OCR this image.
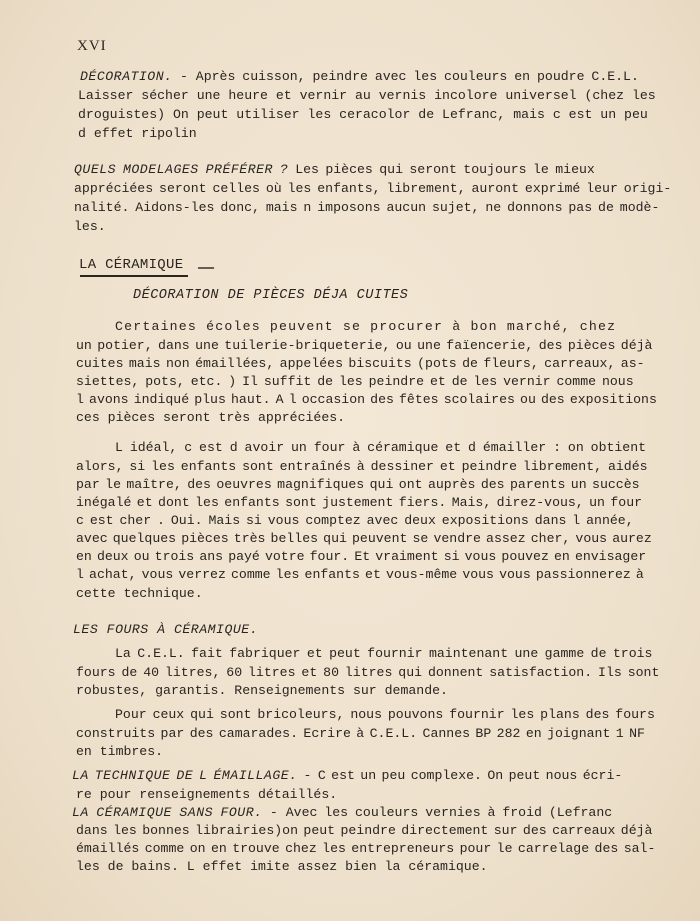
XVI
DÉCORATION. - Après cuisson, peindre avec les couleurs en poudre C.E.L.
Laisser sécher une heure et vernir au vernis incolore universel (chez les
droguistes) On peut utiliser les ceracolor de Lefranc, mais c est un peu
d effet ripolin
QUELS MODELAGES PRÉFÉRER ? Les pièces qui seront toujours le mieux
appréciées seront celles où les enfants, librement, auront exprimé leur origi-
nalité. Aidons-les donc, mais n imposons aucun sujet, ne donnons pas de modè-
les.
LA CÉRAMIQUE
DÉCORATION DE PIÈCES DÉJA CUITES
Certaines écoles peuvent se procurer à bon marché, chez
un potier, dans une tuilerie-briqueterie, ou une faïencerie, des pièces déjà
cuites mais non émaillées, appelées biscuits (pots de fleurs, carreaux, as-
siettes, pots, etc. ) Il suffit de les peindre et de les vernir comme nous
l avons indiqué plus haut. A l occasion des fêtes scolaires ou des expositions
ces pièces seront très appréciées.
L idéal, c est d avoir un four à céramique et d émailler : on obtient
alors, si les enfants sont entraînés à dessiner et peindre librement, aidés
par le maître, des oeuvres magnifiques qui ont auprès des parents un succès
inégalé et dont les enfants sont justement fiers. Mais, direz-vous, un four
c est cher . Oui. Mais si vous comptez avec deux expositions dans l année,
avec quelques pièces très belles qui peuvent se vendre assez cher, vous aurez
en deux ou trois ans payé votre four. Et vraiment si vous pouvez en envisager
l achat, vous verrez comme les enfants et vous-même vous vous passionnerez à
cette technique.
LES FOURS À CÉRAMIQUE.
La C.E.L. fait fabriquer et peut fournir maintenant une gamme de trois
fours de 40 litres, 60 litres et 80 litres qui donnent satisfaction. Ils sont
robustes, garantis. Renseignements sur demande.
Pour ceux qui sont bricoleurs, nous pouvons fournir les plans des fours
construits par des camarades. Ecrire à C.E.L. Cannes BP 282 en joignant 1 NF
en timbres.
LA TECHNIQUE DE L ÉMAILLAGE. - C est un peu complexe. On peut nous écri-
re pour renseignements détaillés.
LA CÉRAMIQUE SANS FOUR. - Avec les couleurs vernies à froid (Lefranc
dans les bonnes librairies)on peut peindre directement sur des carreaux déjà
émaillés comme on en trouve chez les entrepreneurs pour le carrelage des sal-
les de bains. L effet imite assez bien la céramique.
